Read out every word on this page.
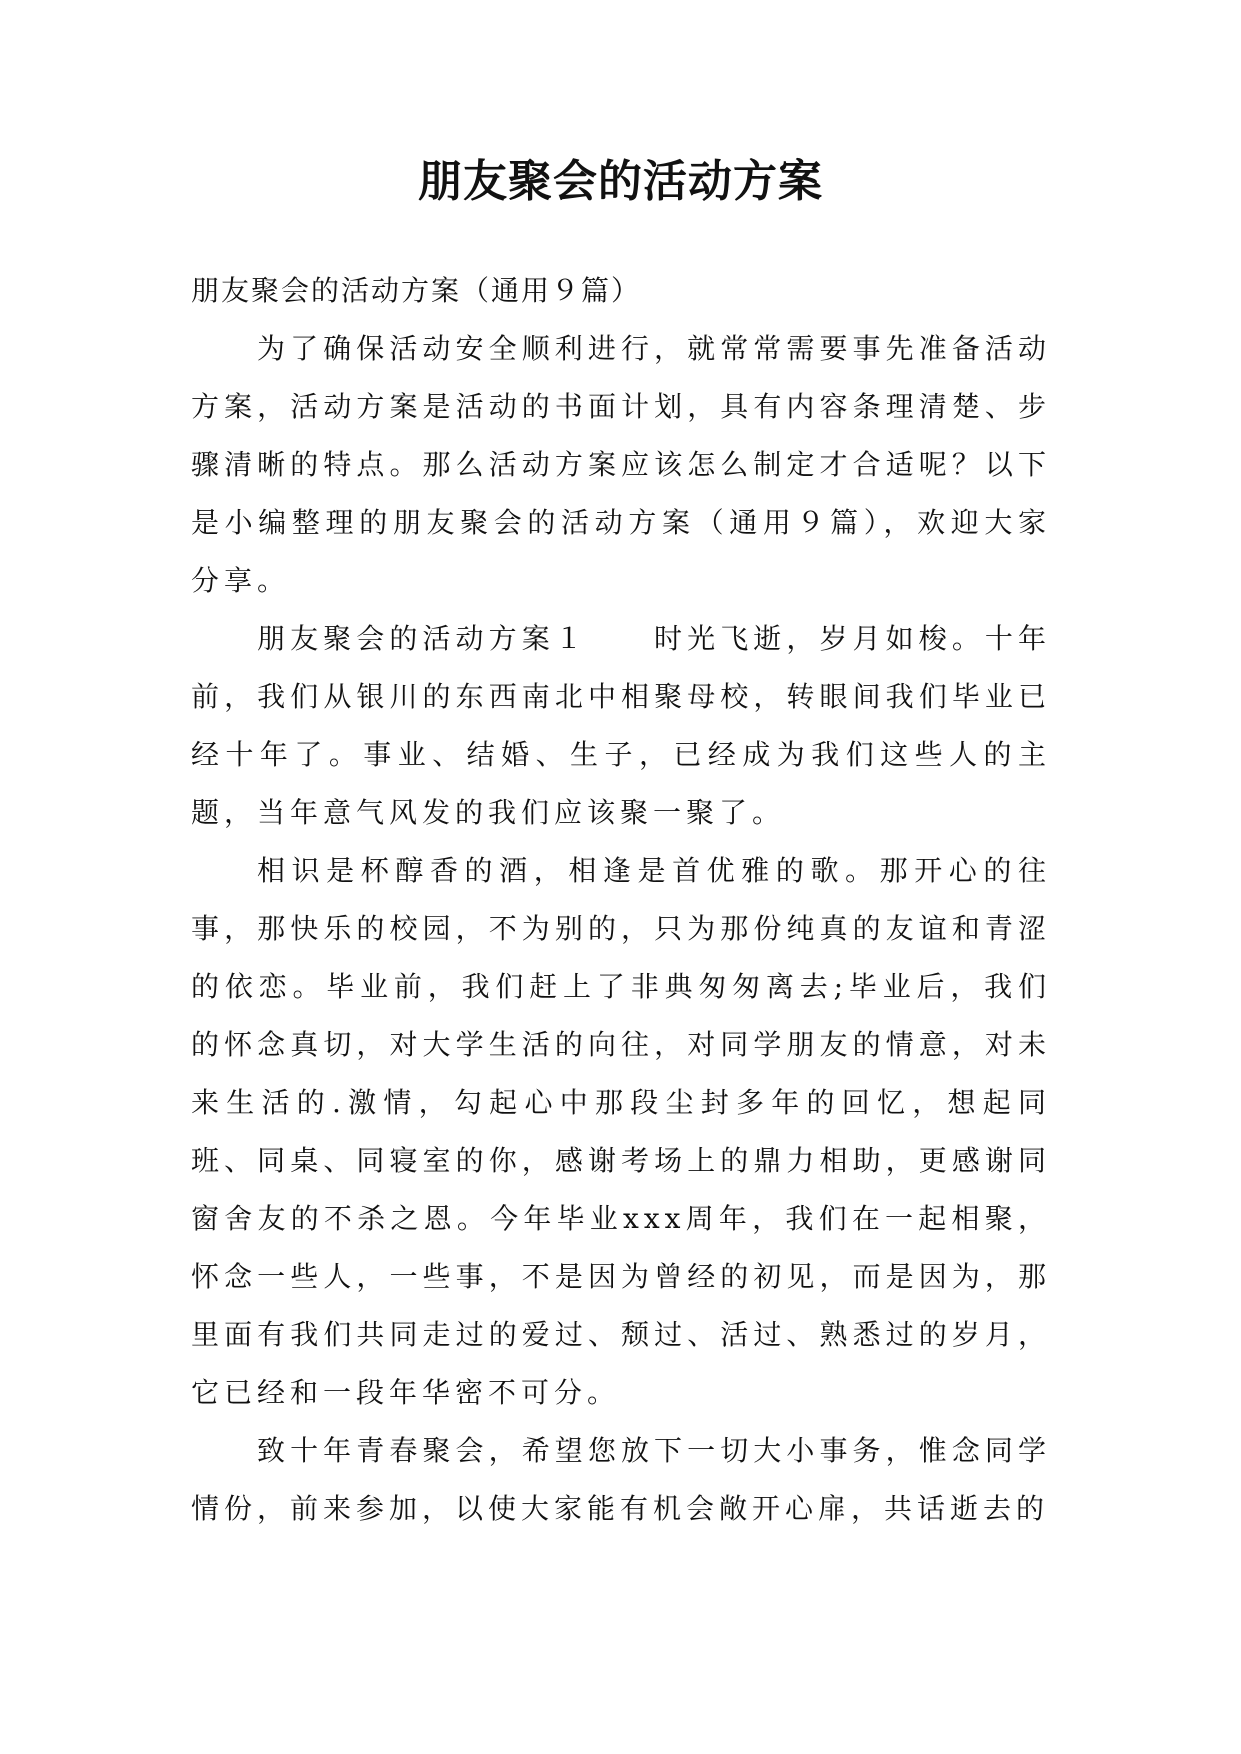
朋友聚会的活动方案

朋友聚会的活动方案（通用９篇）

为了确保活动安全顺利进行，就常常需要事先准备活动方案，活动方案是活动的书面计划，具有内容条理清楚、步骤清晰的特点。那么活动方案应该怎么制定才合适呢？以下是小编整理的朋友聚会的活动方案（通用９篇），欢迎大家分享。

朋友聚会的活动方案１　　时光飞逝，岁月如梭。十年前，我们从银川的东西南北中相聚母校，转眼间我们毕业已经十年了。事业、结婚、生子，已经成为我们这些人的主题，当年意气风发的我们应该聚一聚了。

相识是杯醇香的酒，相逢是首优雅的歌。那开心的往事，那快乐的校园，不为别的，只为那份纯真的友谊和青涩的依恋。毕业前，我们赶上了非典匆匆离去;毕业后，我们的怀念真切，对大学生活的向往，对同学朋友的情意，对未来生活的.激情，勾起心中那段尘封多年的回忆，想起同班、同桌、同寝室的你，感谢考场上的鼎力相助，更感谢同窗舍友的不杀之恩。今年毕业xxx周年，我们在一起相聚，怀念一些人，一些事，不是因为曾经的初见，而是因为，那里面有我们共同走过的爱过、颓过、活过、熟悉过的岁月，它已经和一段年华密不可分。

致十年青春聚会，希望您放下一切大小事务，惟念同学情份，前来参加，以使大家能有机会敞开心扉，共话逝去的
